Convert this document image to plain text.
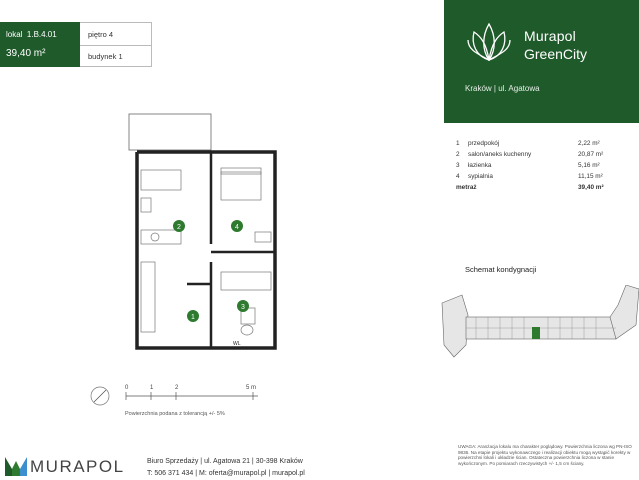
lokal 1.B.4.01
39,40 m²
piętro 4
budynek 1
Murapol
GreenCity
Kraków | ul. Agatowa
1	przedpokój	2,22 m²
2	salon/aneks kuchenny	20,87 m²
3	łazienka	5,16 m²
4	sypialnia	11,15 m²
metraż		39,40 m²
Schemat kondygnacji
2	4
3
1
WL
0	1	2	5 m
Powierzchnia podana z tolerancją +/- 5%
UWAGA: Aranżacja lokalu ma charakter poglądowy. Powierzchnia liczona wg PN-ISO 9836. Na etapie projektu wykonawczego i realizacji obiektu mogą wystąpić korekty w powierzchni lokali i układzie ścian. Ostateczna powierzchnia liczona w stanie wykończonym. Po pomiarach rzeczywistych +/- 1,5 cm ściany.
MURAPOL	Biuro Sprzedaży | ul. Agatowa 21 | 30-398 Kraków
T: 506 371 434 | M: oferta@murapol.pl | murapol.pl
